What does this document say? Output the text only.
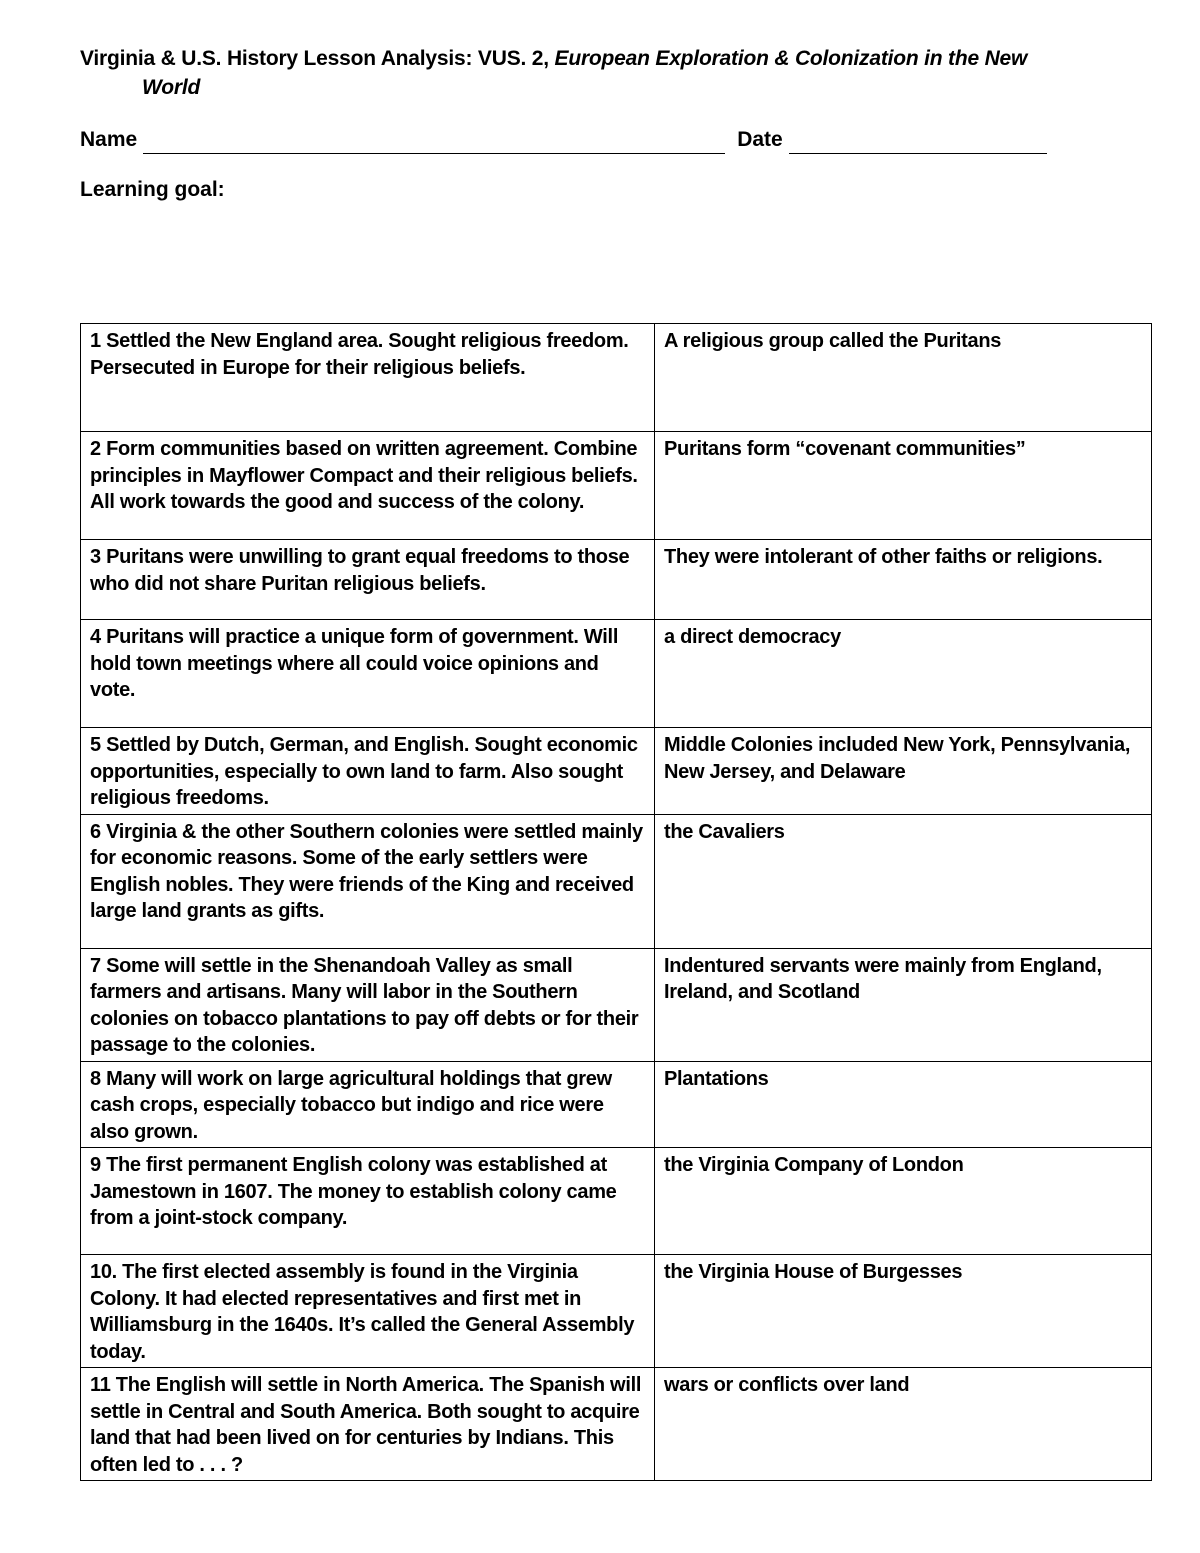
Virginia & U.S. History Lesson Analysis: VUS. 2, European Exploration & Colonization in the New
World
Name	Date
Learning goal:
1 Settled the New England area. Sought religious freedom. Persecuted in Europe for their religious beliefs.	A religious group called the Puritans
2 Form communities based on written agreement. Combine principles in Mayflower Compact and their religious beliefs. All work towards the good and success of the colony.	Puritans form “covenant communities”
3 Puritans were unwilling to grant equal freedoms to those who did not share Puritan religious beliefs.	They were intolerant of other faiths or religions.
4 Puritans will practice a unique form of government. Will hold town meetings where all could voice opinions and vote.	a direct democracy
5 Settled by Dutch, German, and English. Sought economic opportunities, especially to own land to farm. Also sought religious freedoms.	Middle Colonies included New York, Pennsylvania, New Jersey, and Delaware
6 Virginia & the other Southern colonies were settled mainly for economic reasons. Some of the early settlers were English nobles. They were friends of the King and received large land grants as gifts.	the Cavaliers
7 Some will settle in the Shenandoah Valley as small farmers and artisans. Many will labor in the Southern colonies on tobacco plantations to pay off debts or for their passage to the colonies.	Indentured servants were mainly from England, Ireland, and Scotland
8 Many will work on large agricultural holdings that grew cash crops, especially tobacco but indigo and rice were also grown.	Plantations
9 The first permanent English colony was established at Jamestown in 1607. The money to establish colony came from a joint-stock company.	the Virginia Company of London
10. The first elected assembly is found in the Virginia Colony. It had elected representatives and first met in Williamsburg in the 1640s. It’s called the General Assembly today.	the Virginia House of Burgesses
11 The English will settle in North America. The Spanish will settle in Central and South America. Both sought to acquire land that had been lived on for centuries by Indians. This often led to . . . ?	wars or conflicts over land
